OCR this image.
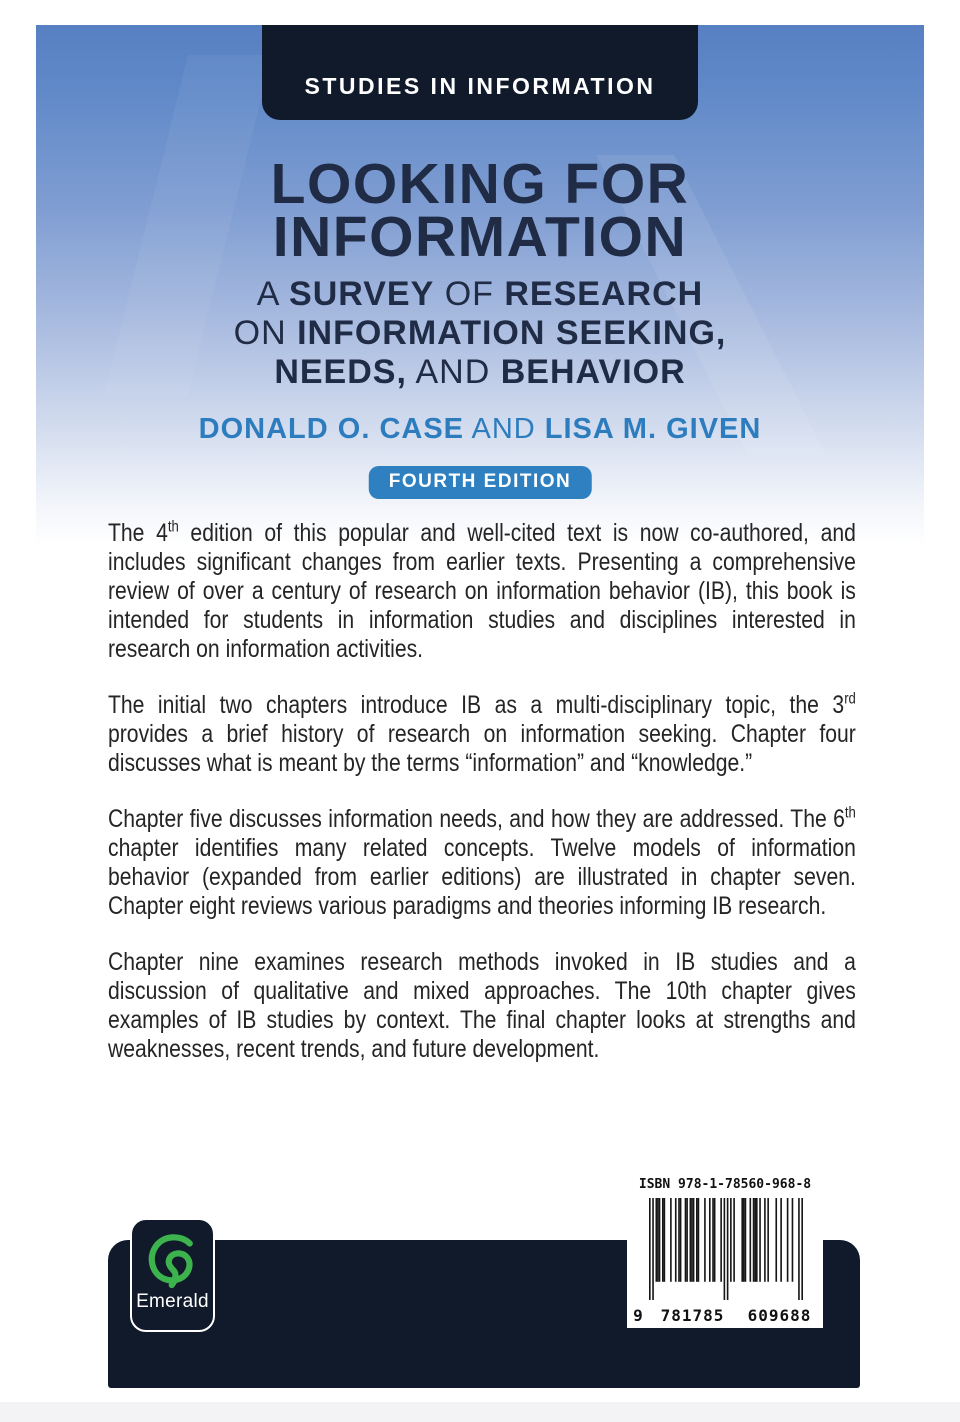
STUDIES IN INFORMATION
LOOKING FOR
INFORMATION
A SURVEY OF RESEARCH
ON INFORMATION SEEKING,
NEEDS, AND BEHAVIOR
DONALD O. CASE AND LISA M. GIVEN
FOURTH EDITION

The 4th edition of this popular and well-cited text is now co-authored, and includes significant changes from earlier texts. Presenting a comprehensive review of over a century of research on information behavior (IB), this book is intended for students in information studies and disciplines interested in research on information activities.

The initial two chapters introduce IB as a multi-disciplinary topic, the 3rd provides a brief history of research on information seeking. Chapter four discusses what is meant by the terms “information” and “knowledge.”

Chapter five discusses information needs, and how they are addressed. The 6th chapter identifies many related concepts. Twelve models of information behavior (expanded from earlier editions) are illustrated in chapter seven. Chapter eight reviews various paradigms and theories informing IB research.

Chapter nine examines research methods invoked in IB studies and a discussion of qualitative and mixed approaches. The 10th chapter gives examples of IB studies by context. The final chapter looks at strengths and weaknesses, recent trends, and future development.

Emerald
ISBN 978-1-78560-968-8
9	781785	609688
